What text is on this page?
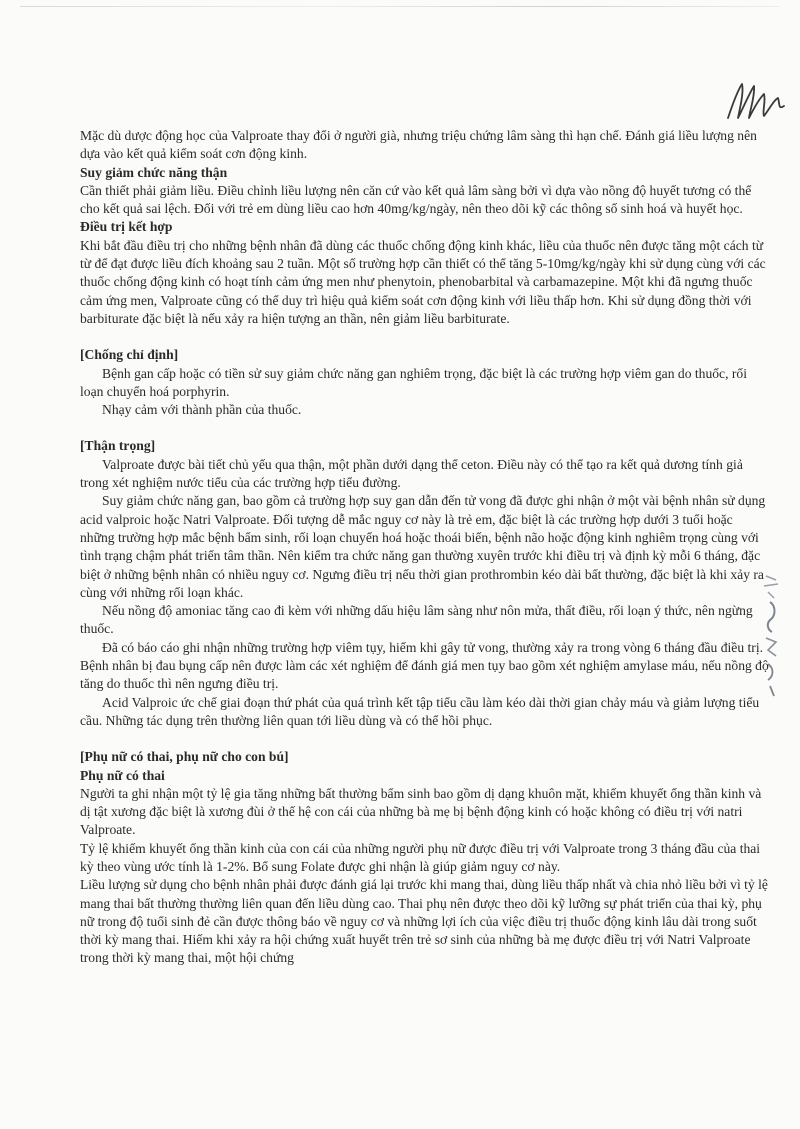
Mặc dù dược động học của Valproate thay đổi ở người già, nhưng triệu chứng lâm sàng thì hạn chế. Đánh giá liều lượng nên dựa vào kết quả kiểm soát cơn động kinh.

Suy giảm chức năng thận

Cần thiết phải giảm liều. Điều chỉnh liều lượng nên căn cứ vào kết quả lâm sàng bởi vì dựa vào nồng độ huyết tương có thể cho kết quả sai lệch. Đối với trẻ em dùng liều cao hơn 40mg/kg/ngày, nên theo dõi kỹ các thông số sinh hoá và huyết học.

Điều trị kết hợp

Khi bắt đầu điều trị cho những bệnh nhân đã dùng các thuốc chống động kinh khác, liều của thuốc nên được tăng một cách từ từ để đạt được liều đích khoảng sau 2 tuần. Một số trường hợp cần thiết có thể tăng 5-10mg/kg/ngày khi sử dụng cùng với các thuốc chống động kinh có hoạt tính cảm ứng men như phenytoin, phenobarbital và carbamazepine. Một khi đã ngưng thuốc cảm ứng men, Valproate cũng có thể duy trì hiệu quả kiểm soát cơn động kinh với liều thấp hơn. Khi sử dụng đồng thời với barbiturate đặc biệt là nếu xảy ra hiện tượng an thần, nên giảm liều barbiturate.

[Chống chỉ định]

Bệnh gan cấp hoặc có tiền sử suy giảm chức năng gan nghiêm trọng, đặc biệt là các trường hợp viêm gan do thuốc, rối loạn chuyển hoá porphyrin.

Nhạy cảm với thành phần của thuốc.

[Thận trọng]

Valproate được bài tiết chủ yếu qua thận, một phần dưới dạng thể ceton. Điều này có thể tạo ra kết quả dương tính giả trong xét nghiệm nước tiểu của các trường hợp tiểu đường.

Suy giảm chức năng gan, bao gồm cả trường hợp suy gan dẫn đến tử vong đã được ghi nhận ở một vài bệnh nhân sử dụng acid valproic hoặc Natri Valproate. Đối tượng dễ mắc nguy cơ này là trẻ em, đặc biệt là các trường hợp dưới 3 tuổi hoặc những trường hợp mắc bệnh bẩm sinh, rối loạn chuyển hoá hoặc thoái biến, bệnh não hoặc động kinh nghiêm trọng cùng với tình trạng chậm phát triển tâm thần. Nên kiểm tra chức năng gan thường xuyên trước khi điều trị và định kỳ mỗi 6 tháng, đặc biệt ở những bệnh nhân có nhiều nguy cơ. Ngưng điều trị nếu thời gian prothrombin kéo dài bất thường, đặc biệt là khi xảy ra cùng với những rối loạn khác.

Nếu nồng độ amoniac tăng cao đi kèm với những dấu hiệu lâm sàng như nôn mửa, thất điều, rối loạn ý thức, nên ngừng thuốc.

Đã có báo cáo ghi nhận những trường hợp viêm tụy, hiếm khi gây tử vong, thường xảy ra trong vòng 6 tháng đầu điều trị. Bệnh nhân bị đau bụng cấp nên được làm các xét nghiệm để đánh giá men tụy bao gồm xét nghiệm amylase máu, nếu nồng độ tăng do thuốc thì nên ngưng điều trị.

Acid Valproic ức chế giai đoạn thứ phát của quá trình kết tập tiểu cầu làm kéo dài thời gian chảy máu và giảm lượng tiểu cầu. Những tác dụng trên thường liên quan tới liều dùng và có thể hồi phục.

[Phụ nữ có thai, phụ nữ cho con bú]

Phụ nữ có thai

Người ta ghi nhận một tỷ lệ gia tăng những bất thường bẩm sinh bao gồm dị dạng khuôn mặt, khiếm khuyết ống thần kinh và dị tật xương đặc biệt là xương đùi ở thế hệ con cái của những bà mẹ bị bệnh động kinh có hoặc không có điều trị với natri Valproate.

Tỷ lệ khiếm khuyết ống thần kinh của con cái của những người phụ nữ được điều trị với Valproate trong 3 tháng đầu của thai kỳ theo vùng ước tính là 1-2%. Bổ sung Folate được ghi nhận là giúp giảm nguy cơ này.

Liều lượng sử dụng cho bệnh nhân phải được đánh giá lại trước khi mang thai, dùng liều thấp nhất và chia nhỏ liều bởi vì tỷ lệ mang thai bất thường thường liên quan đến liều dùng cao. Thai phụ nên được theo dõi kỹ lưỡng sự phát triển của thai kỳ, phụ nữ trong độ tuổi sinh đẻ cần được thông báo về nguy cơ và những lợi ích của việc điều trị thuốc động kinh lâu dài trong suốt thời kỳ mang thai. Hiếm khi xảy ra hội chứng xuất huyết trên trẻ sơ sinh của những bà mẹ được điều trị với Natri Valproate trong thời kỳ mang thai, một hội chứng
